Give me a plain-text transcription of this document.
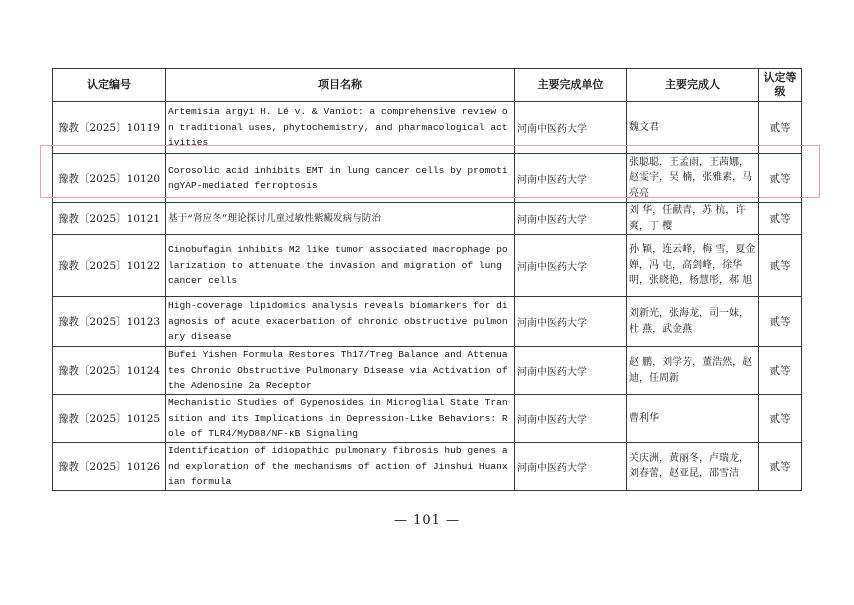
认定编号	项目名称	主要完成单位	主要完成人	认定等级
豫教〔2025〕10119	Artemisia argyi H. Lé v. & Vaniot: a comprehensive review on traditional uses, phytochemistry, and pharmacological activities	河南中医药大学	魏文君	贰等
豫教〔2025〕10120	Corosolic acid inhibits EMT in lung cancer cells by promotingYAP-mediated ferroptosis	河南中医药大学	张聪聪，王孟雨，王茜娜，赵雯宇，吴 楠，张雅素，马亮亮	贰等
豫教〔2025〕10121	基于“肾应冬”理论探讨儿童过敏性紫癜发病与防治	河南中医药大学	刘 华，任献青，苏 杭，许 爽，丁 樱	贰等
豫教〔2025〕10122	Cinobufagin inhibits M2 like tumor associated macrophage polarization to attenuate the invasion and migration of lung cancer cells	河南中医药大学	孙 颖，连云峰，梅 雪，夏金婵，冯 屯，高剑峰，徐华明，张晓艳，杨慧彤，郝 旭	贰等
豫教〔2025〕10123	High-coverage lipidomics analysis reveals biomarkers for diagnosis of acute exacerbation of chronic obstructive pulmonary disease	河南中医药大学	刘新光，张海龙，司一妹，杜 燕，武金燕	贰等
豫教〔2025〕10124	Bufei Yishen Formula Restores Th17/Treg Balance and Attenuates Chronic Obstructive Pulmonary Disease via Activation of the Adenosine 2a Receptor	河南中医药大学	赵 鹏，刘学芳，董浩然，赵 迪，任周新	贰等
豫教〔2025〕10125	Mechanistic Studies of Gypenosides in Microglial State Transition and its Implications in Depression-Like Behaviors: Role of TLR4/MyD88/NF-κB Signaling	河南中医药大学	曹利华	贰等
豫教〔2025〕10126	Identification of idiopathic pulmonary fibrosis hub genes and exploration of the mechanisms of action of Jinshui Huanxian formula	河南中医药大学	关庆洲，黄丽冬，卢瑞龙，刘春蕾，赵亚昆，邵雪洁	贰等
— 101 —
